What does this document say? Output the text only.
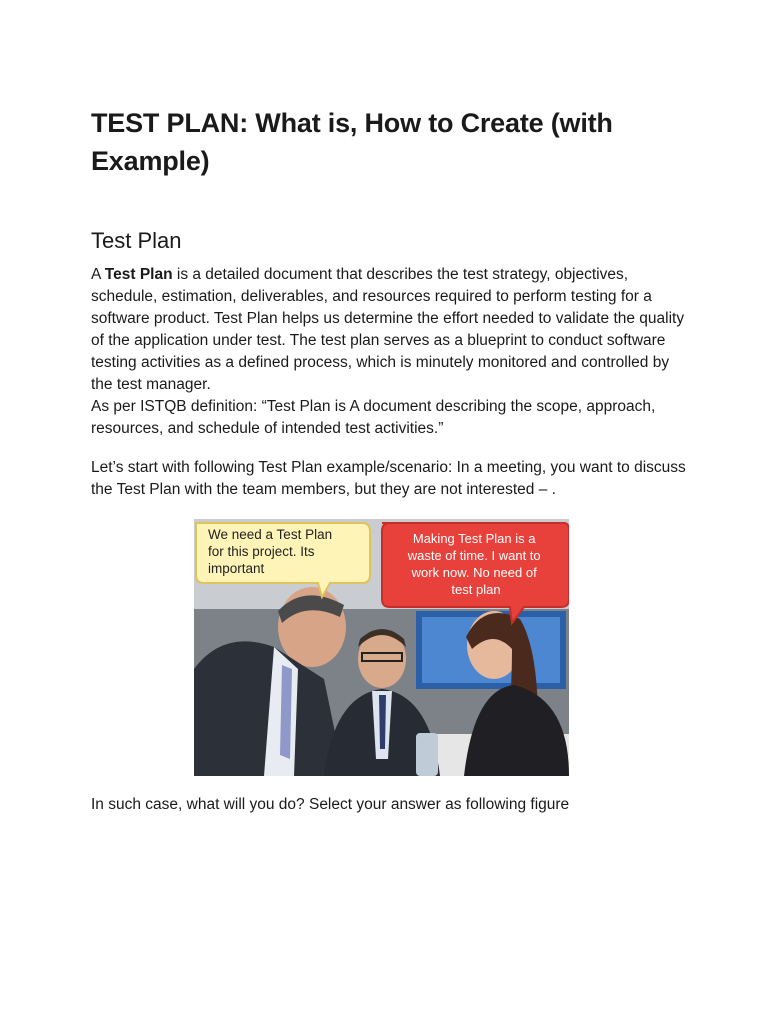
TEST PLAN: What is, How to Create (with Example)
Test Plan

A Test Plan is a detailed document that describes the test strategy, objectives, schedule, estimation, deliverables, and resources required to perform testing for a software product. Test Plan helps us determine the effort needed to validate the quality of the application under test. The test plan serves as a blueprint to conduct software testing activities as a defined process, which is minutely monitored and controlled by the test manager.
As per ISTQB definition: “Test Plan is A document describing the scope, approach, resources, and schedule of intended test activities.”

Let’s start with following Test Plan example/scenario: In a meeting, you want to discuss the Test Plan with the team members, but they are not interested – .

In such case, what will you do? Select your answer as following figure

We need a Test Plan for this project. Its important
Making Test Plan is a waste of time. I want to work now. No need of test plan
